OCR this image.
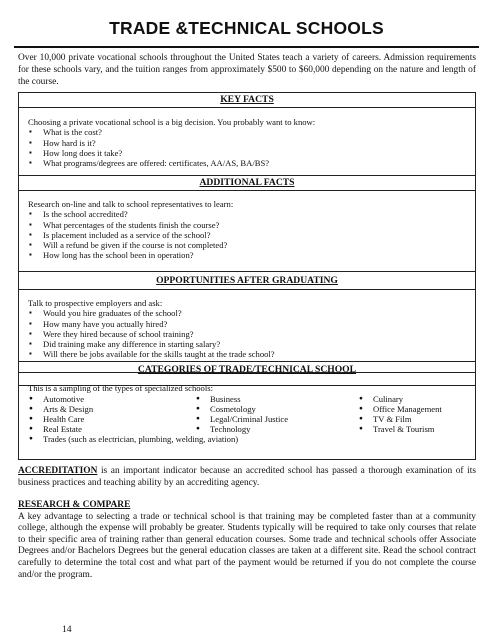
TRADE &TECHNICAL SCHOOLS
Over 10,000 private vocational schools throughout the United States teach a variety of careers. Admission requirements for these schools vary, and the tuition ranges from approximately $500 to $60,000 depending on the nature and length of the course.
KEY FACTS
Choosing a private vocational school is a big decision. You probably want to know:
▪ What is the cost?
▪ How hard is it?
▪ How long does it take?
▪ What programs/degrees are offered: certificates, AA/AS, BA/BS?
ADDITIONAL FACTS
Research on-line and talk to school representatives to learn:
▪ Is the school accredited?
▪ What percentages of the students finish the course?
▪ Is placement included as a service of the school?
▪ Will a refund be given if the course is not completed?
▪ How long has the school been in operation?
OPPORTUNITIES AFTER GRADUATING
Talk to prospective employers and ask:
▪ Would you hire graduates of the school?
▪ How many have you actually hired?
▪ Were they hired because of school training?
▪ Did training make any difference in starting salary?
▪ Will there be jobs available for the skills taught at the trade school?
CATEGORIES OF TRADE/TECHNICAL SCHOOL
This is a sampling of the types of specialized schools:
● Automotive
● Arts & Design
● Health Care
● Real Estate
● Trades (such as electrician, plumbing, welding, aviation)
● Business
● Cosmetology
● Legal/Criminal Justice
● Technology
● Culinary
● Office Management
● TV & Film
● Travel & Tourism
ACCREDITATION is an important indicator because an accredited school has passed a thorough examination of its business practices and teaching ability by an accrediting agency.
RESEARCH & COMPARE
A key advantage to selecting a trade or technical school is that training may be completed faster than at a community college, although the expense will probably be greater. Students typically will be required to take only courses that relate to their specific area of training rather than general education courses. Some trade and technical schools offer Associate Degrees and/or Bachelors Degrees but the general education classes are taken at a different site. Read the school contract carefully to determine the total cost and what part of the payment would be returned if you do not complete the course and/or the program.
14
